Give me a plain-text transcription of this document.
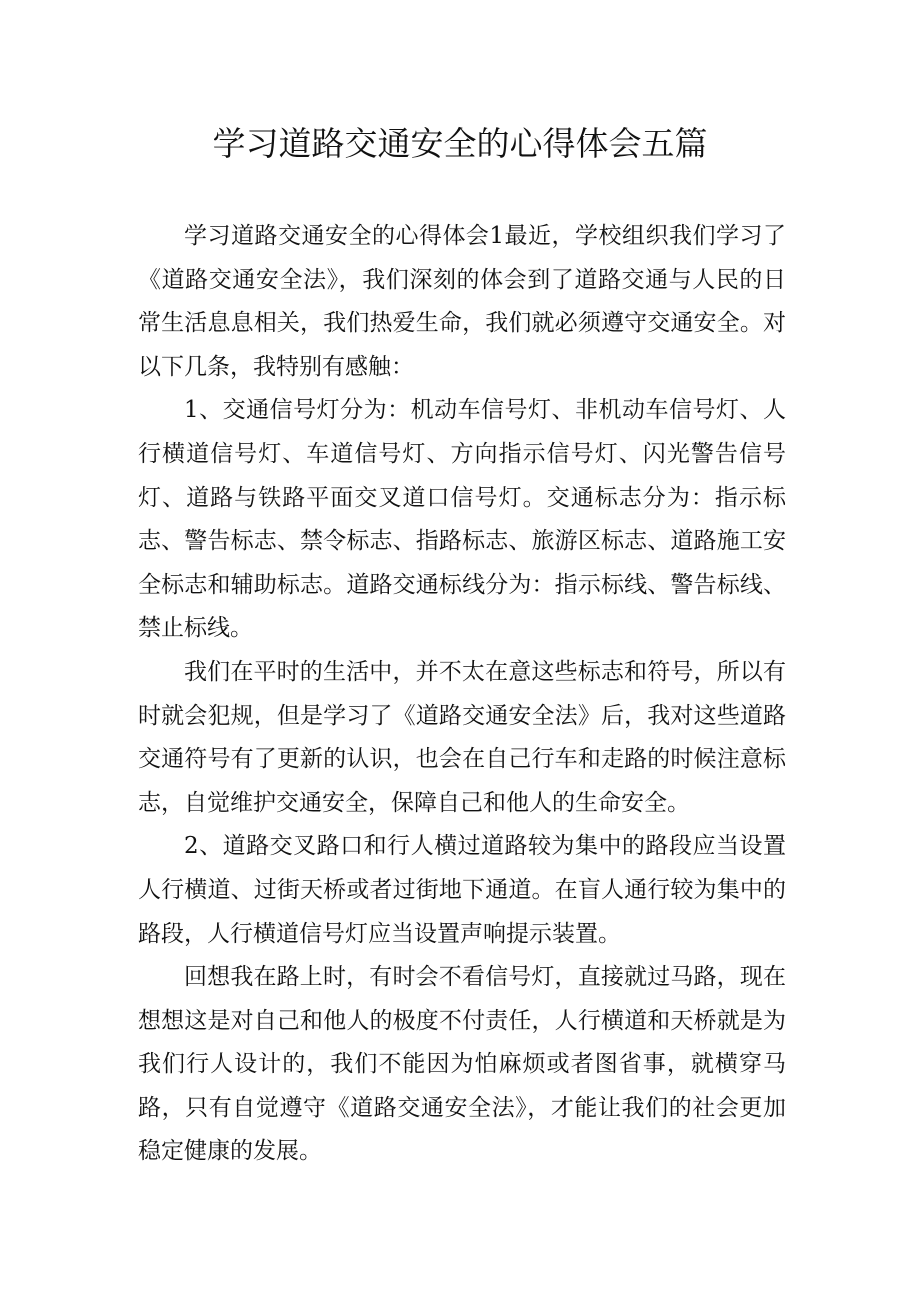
学习道路交通安全的心得体会五篇

学习道路交通安全的心得体会1最近，学校组织我们学习了《道路交通安全法》，我们深刻的体会到了道路交通与人民的日常生活息息相关，我们热爱生命，我们就必须遵守交通安全。对以下几条，我特别有感触：

1、交通信号灯分为：机动车信号灯、非机动车信号灯、人行横道信号灯、车道信号灯、方向指示信号灯、闪光警告信号灯、道路与铁路平面交叉道口信号灯。交通标志分为：指示标志、警告标志、禁令标志、指路标志、旅游区标志、道路施工安全标志和辅助标志。道路交通标线分为：指示标线、警告标线、禁止标线。

我们在平时的生活中，并不太在意这些标志和符号，所以有时就会犯规，但是学习了《道路交通安全法》后，我对这些道路交通符号有了更新的认识，也会在自己行车和走路的时候注意标志，自觉维护交通安全，保障自己和他人的生命安全。

2、道路交叉路口和行人横过道路较为集中的路段应当设置人行横道、过街天桥或者过街地下通道。在盲人通行较为集中的路段，人行横道信号灯应当设置声响提示装置。

回想我在路上时，有时会不看信号灯，直接就过马路，现在想想这是对自己和他人的极度不付责任，人行横道和天桥就是为我们行人设计的，我们不能因为怕麻烦或者图省事，就横穿马路，只有自觉遵守《道路交通安全法》，才能让我们的社会更加稳定健康的发展。
